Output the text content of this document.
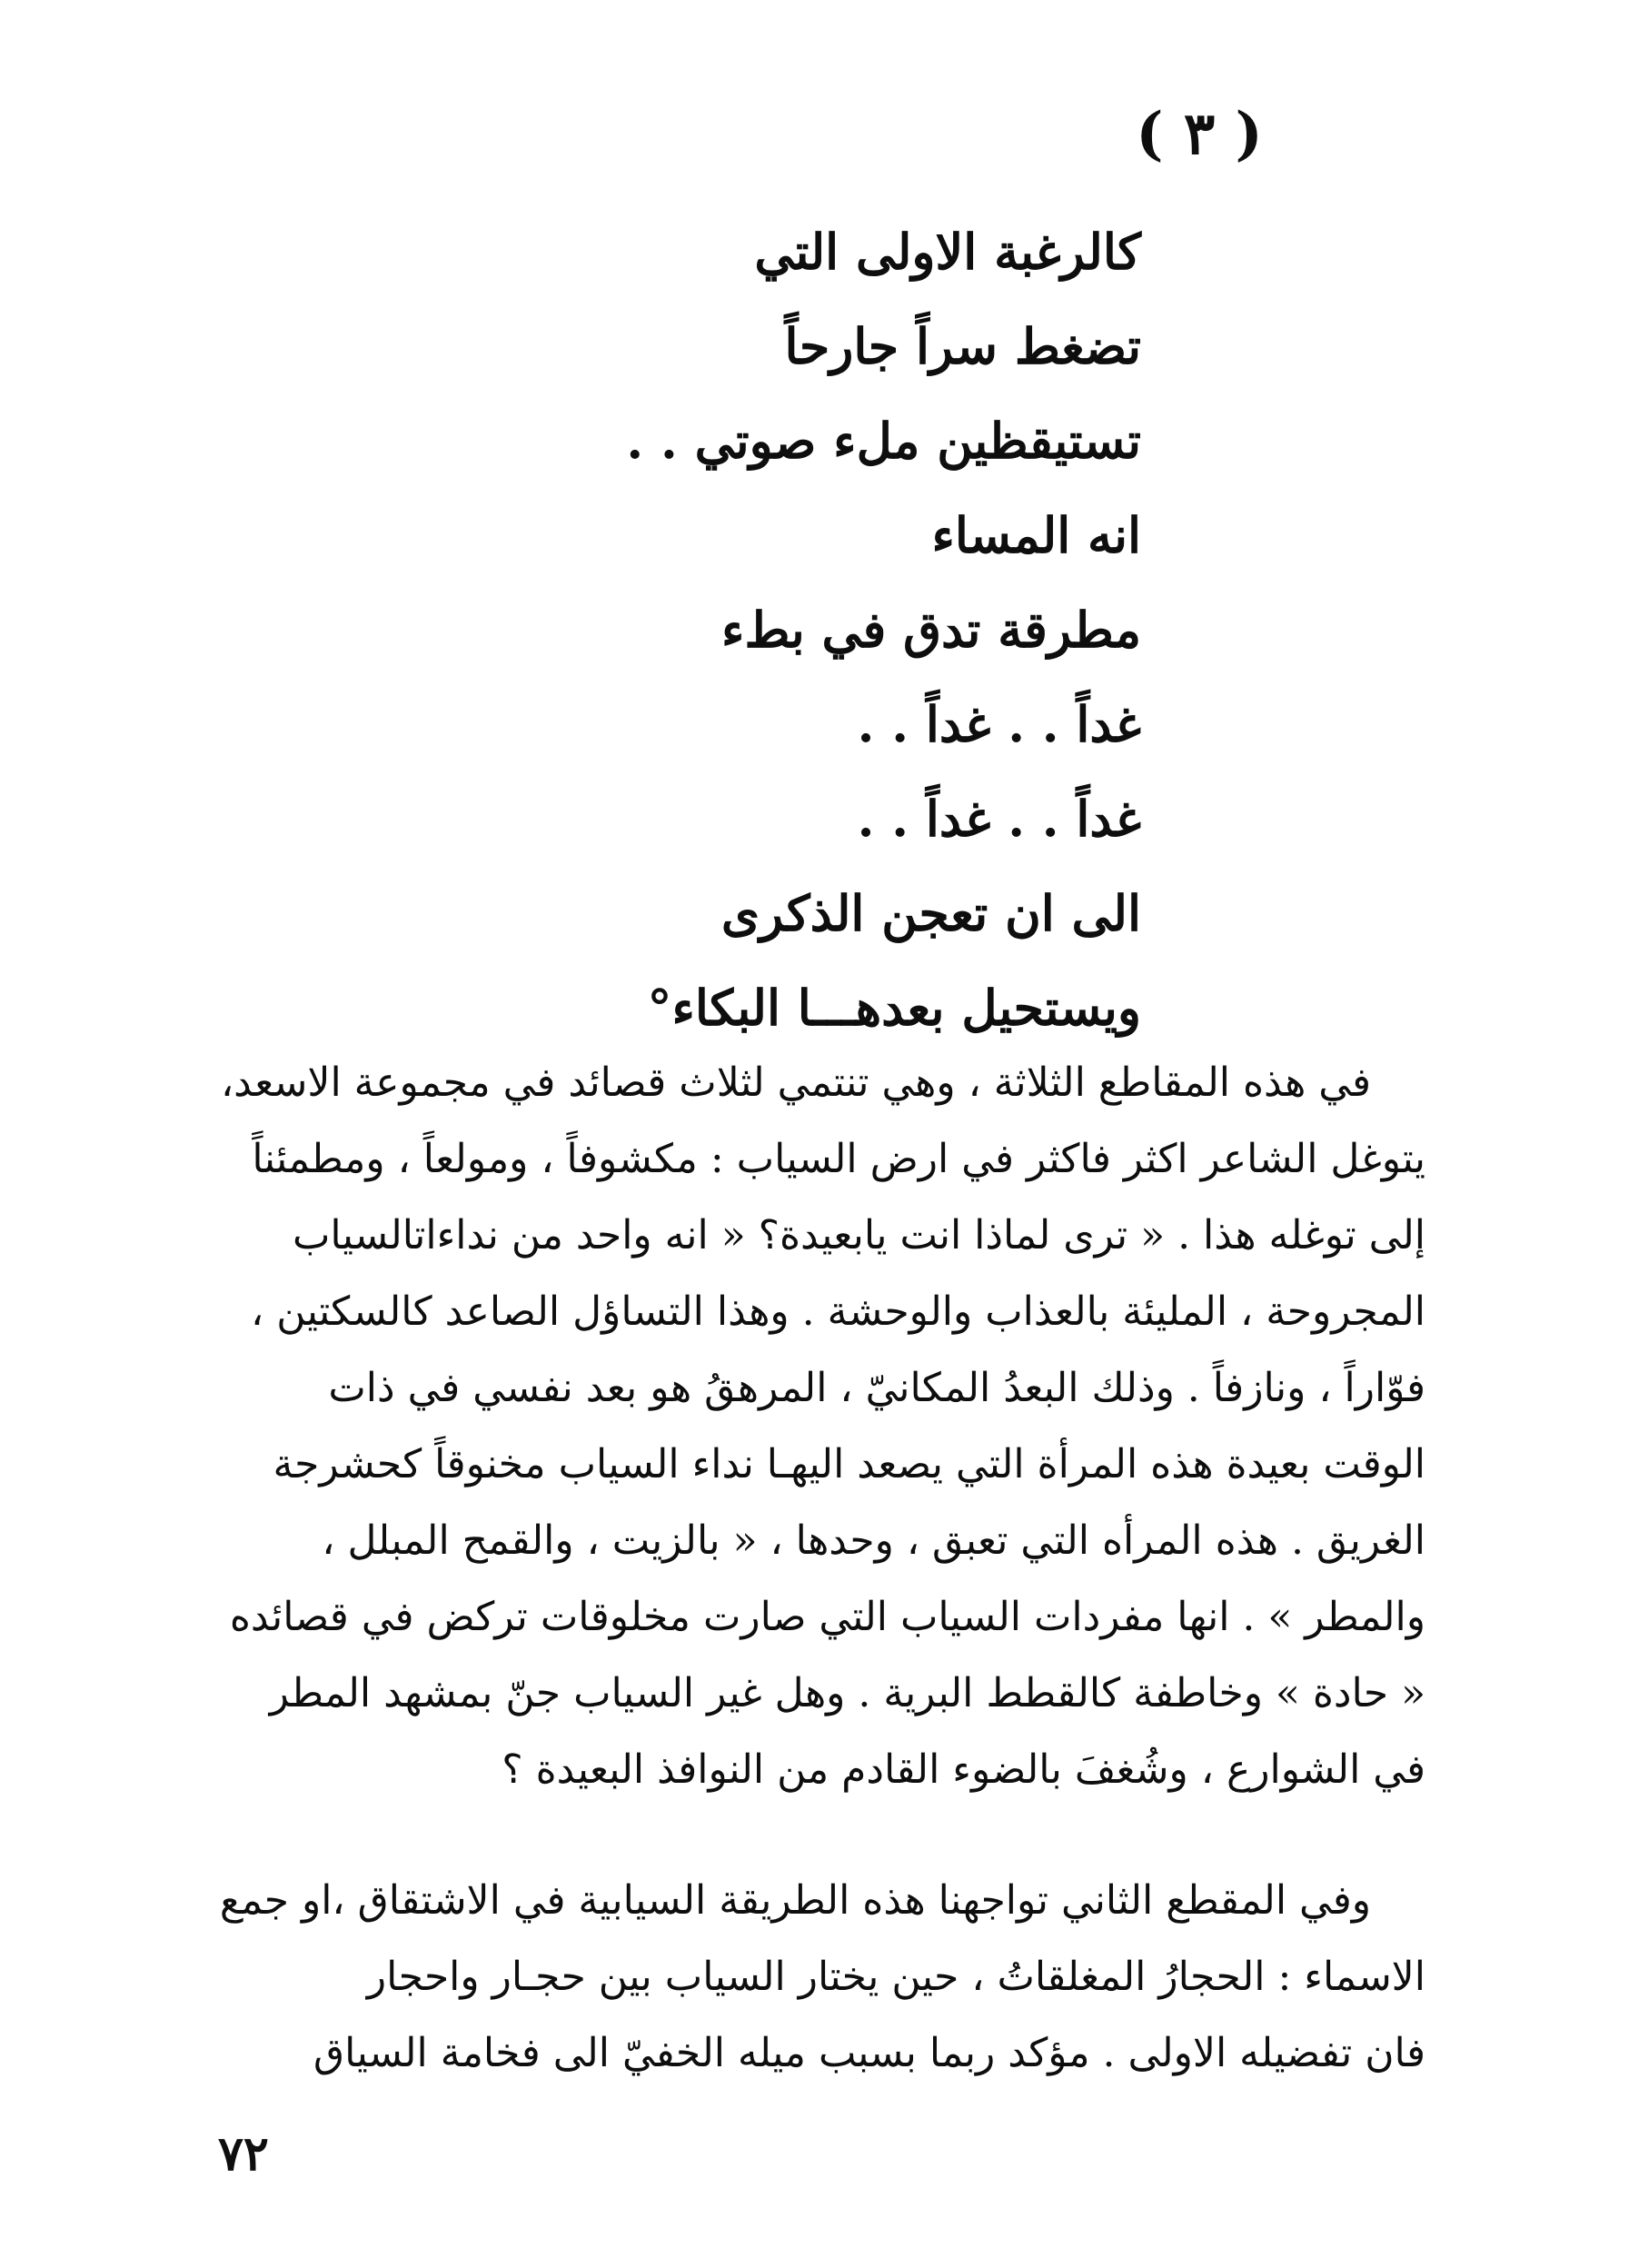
( ٣ )
كالرغبة الاولى التي
تضغط سراً جارحاً
تستيقظين ملء صوتي . .
انه المساء
مطرقة تدق في بطء
غداً . . غداً . .
غداً . . غداً . .
الى ان تعجن الذكرى
ويستحيل بعدهـــا البكاء°
في هذه المقاطع الثلاثة ، وهي تنتمي لثلاث قصائد في مجموعة الاسعد،
يتوغل الشاعر اكثر فاكثر في ارض السياب : مكشوفاً ، ومولعاً ، ومطمئناً
إلى توغله هذا . « ترى لماذا انت يابعيدة؟ « انه واحد من نداءاتالسياب
المجروحة ، المليئة بالعذاب والوحشة . وهذا التساؤل الصاعد كالسكتين ،
فوّاراً ، ونازفاً . وذلك البعدُ المكانيّ ، المرهقُ هو بعد نفسي في ذات
الوقت بعيدة هذه المرأة التي يصعد اليهـا نداء السياب مخنوقاً كحشرجة
الغريق . هذه المرأه التي تعبق ، وحدها ، « بالزيت ، والقمح المبلل ،
والمطر » . انها مفردات السياب التي صارت مخلوقات تركض في قصائده
« حادة » وخاطفة كالقطط البرية . وهل غير السياب جنّ بمشهد المطر
في الشوارع ، وشُغفَ بالضوء القادم من النوافذ البعيدة ؟
وفي المقطع الثاني تواجهنا هذه الطريقة السيابية في الاشتقاق ،او جمع
الاسماء : الحجارُ المغلقاتُ ، حين يختار السياب بين حجـار واحجار
فان تفضيله الاولى . مؤكد ربما بسبب ميله الخفيّ الى فخامة السياق
٧٢
